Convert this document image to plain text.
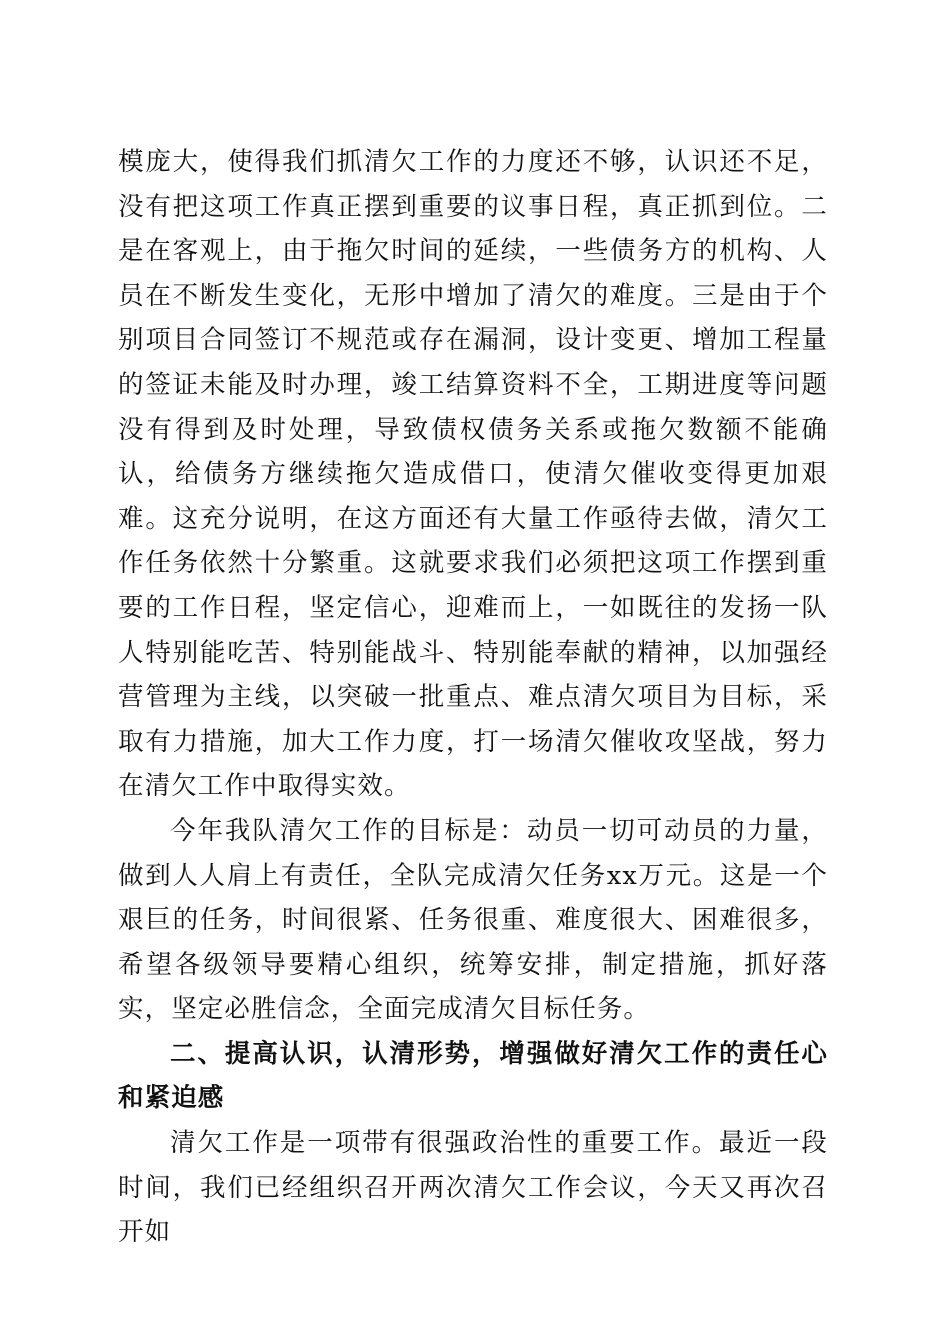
模庞大，使得我们抓清欠工作的力度还不够，认识还不足，没有把这项工作真正摆到重要的议事日程，真正抓到位。二是在客观上，由于拖欠时间的延续，一些债务方的机构、人员在不断发生变化，无形中增加了清欠的难度。三是由于个别项目合同签订不规范或存在漏洞，设计变更、增加工程量的签证未能及时办理，竣工结算资料不全，工期进度等问题没有得到及时处理，导致债权债务关系或拖欠数额不能确认，给债务方继续拖欠造成借口，使清欠催收变得更加艰难。这充分说明，在这方面还有大量工作亟待去做，清欠工作任务依然十分繁重。这就要求我们必须把这项工作摆到重要的工作日程，坚定信心，迎难而上，一如既往的发扬一队人特别能吃苦、特别能战斗、特别能奉献的精神，以加强经营管理为主线，以突破一批重点、难点清欠项目为目标，采取有力措施，加大工作力度，打一场清欠催收攻坚战，努力在清欠工作中取得实效。

今年我队清欠工作的目标是：动员一切可动员的力量，做到人人肩上有责任，全队完成清欠任务xx万元。这是一个艰巨的任务，时间很紧、任务很重、难度很大、困难很多，希望各级领导要精心组织，统筹安排，制定措施，抓好落实，坚定必胜信念，全面完成清欠目标任务。

二、提高认识，认清形势，增强做好清欠工作的责任心和紧迫感

清欠工作是一项带有很强政治性的重要工作。最近一段时间，我们已经组织召开两次清欠工作会议，今天又再次召开如
